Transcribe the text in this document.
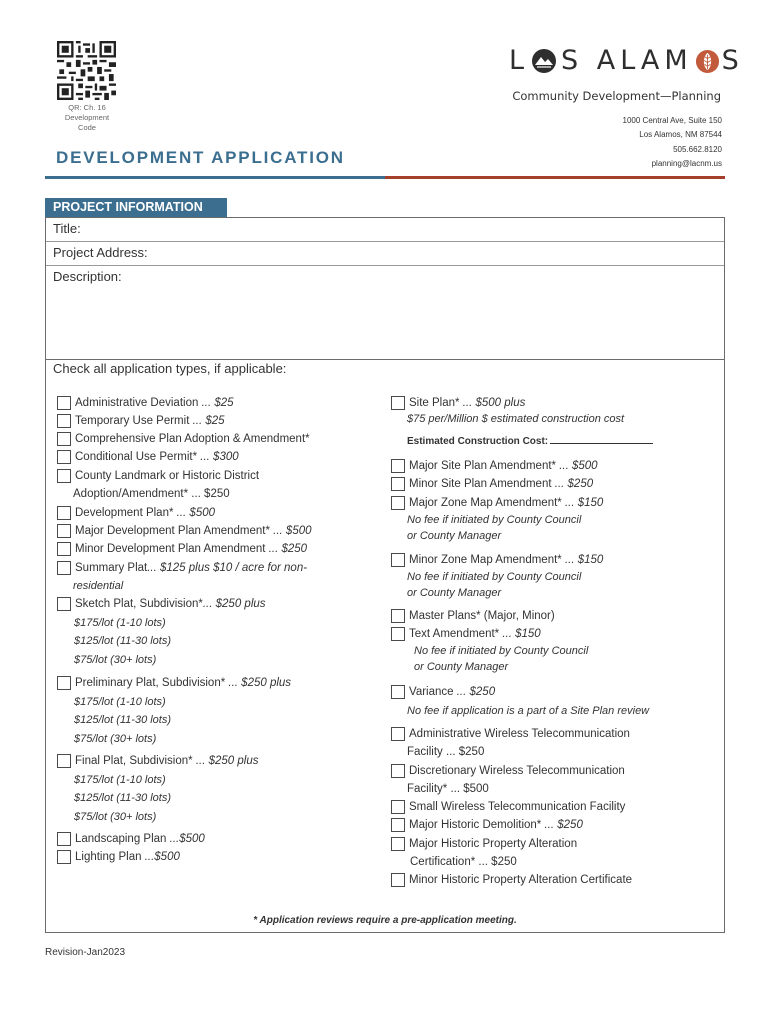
QR: Ch. 16
Development
Code
L S ALAM S
Community Development—Planning
1000 Central Ave, Suite 150
Los Alamos, NM 87544
505.662.8120
planning@lacnm.us
DEVELOPMENT APPLICATION
PROJECT INFORMATION
Title:
Project Address:
Description:
Check all application types, if applicable:
Administrative Deviation ... $25
Temporary Use Permit ... $25
Comprehensive Plan Adoption & Amendment*
Conditional Use Permit* ... $300
County Landmark or Historic District
Adoption/Amendment* ... $250
Development Plan* ... $500
Major Development Plan Amendment* ... $500
Minor Development Plan Amendment ... $250
Summary Plat... $125 plus $10 / acre for non-
residential
Sketch Plat, Subdivision*... $250 plus
$175/lot (1-10 lots)
$125/lot (11-30 lots)
$75/lot (30+ lots)
Preliminary Plat, Subdivision* ... $250 plus
$175/lot (1-10 lots)
$125/lot (11-30 lots)
$75/lot (30+ lots)
Final Plat, Subdivision* ... $250 plus
$175/lot (1-10 lots)
$125/lot (11-30 lots)
$75/lot (30+ lots)
Landscaping Plan ...$500
Lighting Plan ...$500
Site Plan* ... $500 plus
$75 per/Million $ estimated construction cost
Major Site Plan Amendment* ... $500
Minor Site Plan Amendment ... $250
Major Zone Map Amendment* ... $150
No fee if initiated by County Council
or County Manager
Minor Zone Map Amendment* ... $150
No fee if initiated by County Council
or County Manager
Master Plans* (Major, Minor)
Text Amendment* ... $150
No fee if initiated by County Council
or County Manager
Variance ... $250
No fee if application is a part of a Site Plan review
Administrative Wireless Telecommunication
Facility ... $250
Discretionary Wireless Telecommunication
Facility* ... $500
Small Wireless Telecommunication Facility
Major Historic Demolition* ... $250
Major Historic Property Alteration
Certification* ... $250
Minor Historic Property Alteration Certificate
Estimated Construction Cost:
* Application reviews require a pre-application meeting.
Revision-Jan2023
